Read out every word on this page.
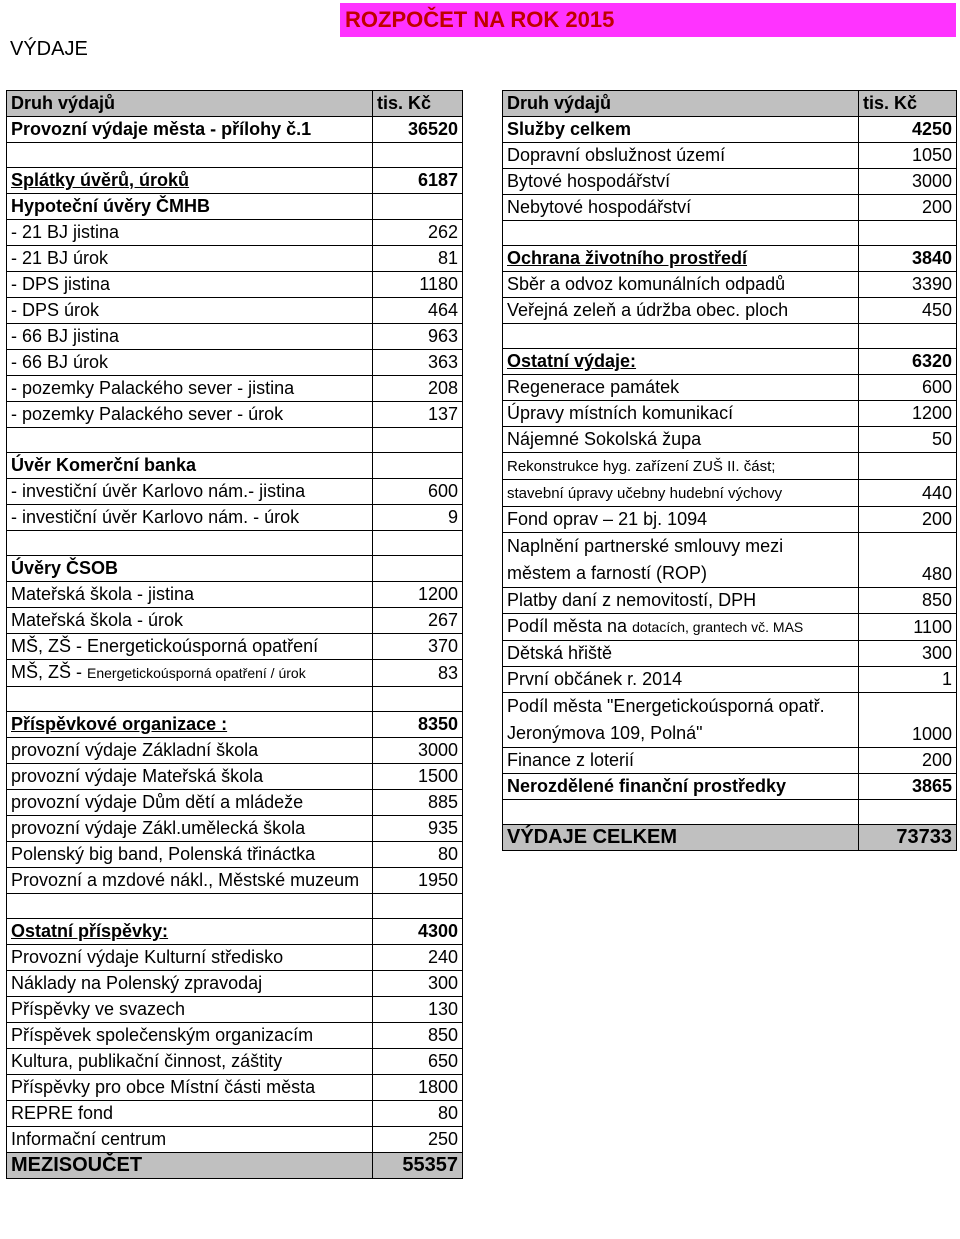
ROZPOČET NA ROK 2015
VÝDAJE
Druh výdajů	tis. Kč
Provozní výdaje města - přílohy č.1	36520

Splátky úvěrů, úroků	6187
Hypoteční úvěry ČMHB	
- 21 BJ jistina	262
- 21 BJ úrok	81
- DPS jistina	1180
- DPS úrok	464
- 66 BJ jistina	963
- 66 BJ úrok	363
- pozemky Palackého sever - jistina	208
- pozemky Palackého sever - úrok	137

Úvěr Komerční banka	
- investiční úvěr Karlovo nám.- jistina	600
- investiční úvěr Karlovo nám. - úrok	9

Úvěry ČSOB	
Mateřská škola - jistina	1200
Mateřská škola - úrok	267
MŠ, ZŠ - Energetickoúsporná opatření	370
MŠ, ZŠ - Energetickoúsporná opatření / úrok	83

Příspěvkové organizace :	8350
provozní výdaje Základní škola	3000
provozní výdaje Mateřská škola	1500
provozní výdaje Dům dětí a mládeže	885
provozní výdaje Zákl.umělecká škola	935
Polenský big band, Polenská třináctka	80
Provozní a mzdové nákl., Městské muzeum	1950

Ostatní příspěvky:	4300
Provozní výdaje Kulturní středisko	240
Náklady na Polenský zpravodaj	300
Příspěvky ve svazech	130
Příspěvek společenským organizacím	850
Kultura, publikační činnost, záštity	650
Příspěvky pro obce Místní části města	1800
REPRE fond	80
Informační centrum	250
MEZISOUČET	55357
Druh výdajů	tis. Kč
Služby celkem	4250
Dopravní obslužnost území	1050
Bytové hospodářství	3000
Nebytové hospodářství	200

Ochrana životního prostředí	3840
Sběr a odvoz komunálních odpadů	3390
Veřejná zeleň a údržba obec. ploch	450

Ostatní výdaje:	6320
Regenerace památek	600
Úpravy místních komunikací	1200
Nájemné Sokolská župa	50
Rekonstrukce hyg. zařízení ZUŠ II. část;	
stavební úpravy učebny hudební výchovy	440
Fond oprav – 21 bj. 1094	200

Naplnění partnerské smlouvy mezi
městem a farností (ROP)	480
Platby daní z nemovitostí, DPH	850
Podíl města na dotacích, grantech vč. MAS	1100
Dětská hřiště	300
První občánek r. 2014	1

Podíl města "Energetickoúsporná opatř.
Jeronýmova 109, Polná"	1000
Finance z loterií	200
Nerozdělené finanční prostředky	3865

VÝDAJE CELKEM	73733
